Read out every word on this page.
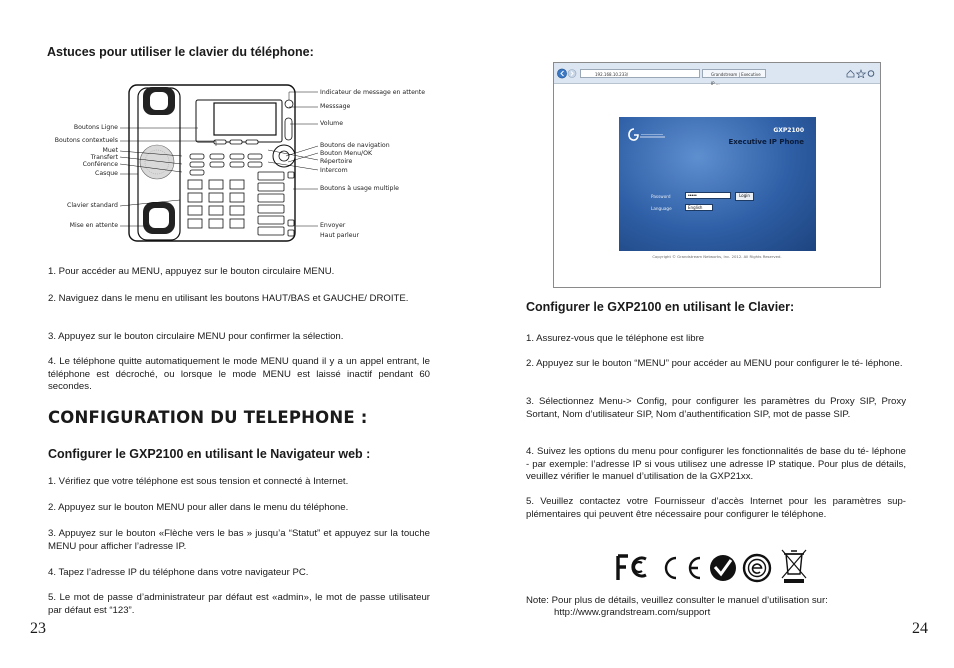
Astuces pour utiliser le clavier du téléphone:
Boutons Ligne
Boutons contextuels
Muet
Transfert
Conférence
Casque
Clavier standard
Mise en attente
Indicateur de message en attente
Messsage
Volume
Boutons de navigation
Bouton Menu/OK
Répertoire
Intercom
Boutons à usage multiple
Envoyer
Haut parleur
1. Pour accéder au MENU, appuyez sur le bouton circulaire MENU.
2. Naviguez dans le menu en utilisant les boutons HAUT/BAS et GAUCHE/ DROITE.
3. Appuyez sur le bouton circulaire MENU pour confirmer la sélection.
4. Le téléphone quitte automatiquement le mode MENU quand il y a un appel entrant, le téléphone est décroché, ou lorsque le mode MENU est laissé inactif pendant 60 secondes.
CONFIGURATION DU TELEPHONE :
Configurer le GXP2100 en utilisant le Navigateur web :
1. Vérifiez que votre téléphone est sous tension et connecté à Internet.
2. Appuyez sur le bouton MENU pour aller dans le menu du téléphone.
3. Appuyez sur le bouton «Flèche vers le bas » jusqu’a “Statut” et appuyez sur la touche MENU pour afficher l’adresse IP.
4. Tapez l’adresse IP du téléphone dans votre navigateur PC.
5. Le mot de passe d’administrateur par défaut est «admin», le mot de passe utilisateur par défaut est “123”.
23
192.168.10.233/	Grandstream | Executive IP ...
GXP2100
Executive IP Phone
Password	•••••	Login
Language	English
Copyright © Grandstream Networks, Inc. 2012. All Rights Reserved.
Configurer le GXP2100 en utilisant le Clavier:
1. Assurez-vous que le téléphone est libre
2. Appuyez sur le bouton “MENU” pour accéder au MENU pour configurer le té- léphone.
3. Sélectionnez Menu-> Config, pour configurer les paramètres du Proxy SIP, Proxy Sortant, Nom d’utilisateur SIP, Nom d’authentification SIP, mot de passe SIP.
4. Suivez les options du menu pour configurer les fonctionnalités de base du té- léphone - par exemple: l’adresse IP si vous utilisez une adresse IP statique. Pour plus de détails, veuillez vérifier le manuel d’utilisation de la GXP21xx.
5. Veuillez contactez votre Fournisseur d’accès Internet pour les paramètres sup- plémentaires qui peuvent être nécessaire pour configurer le téléphone.
Note: Pour plus de détails, veuillez consulter le manuel d’utilisation sur:
http://www.grandstream.com/support
24
